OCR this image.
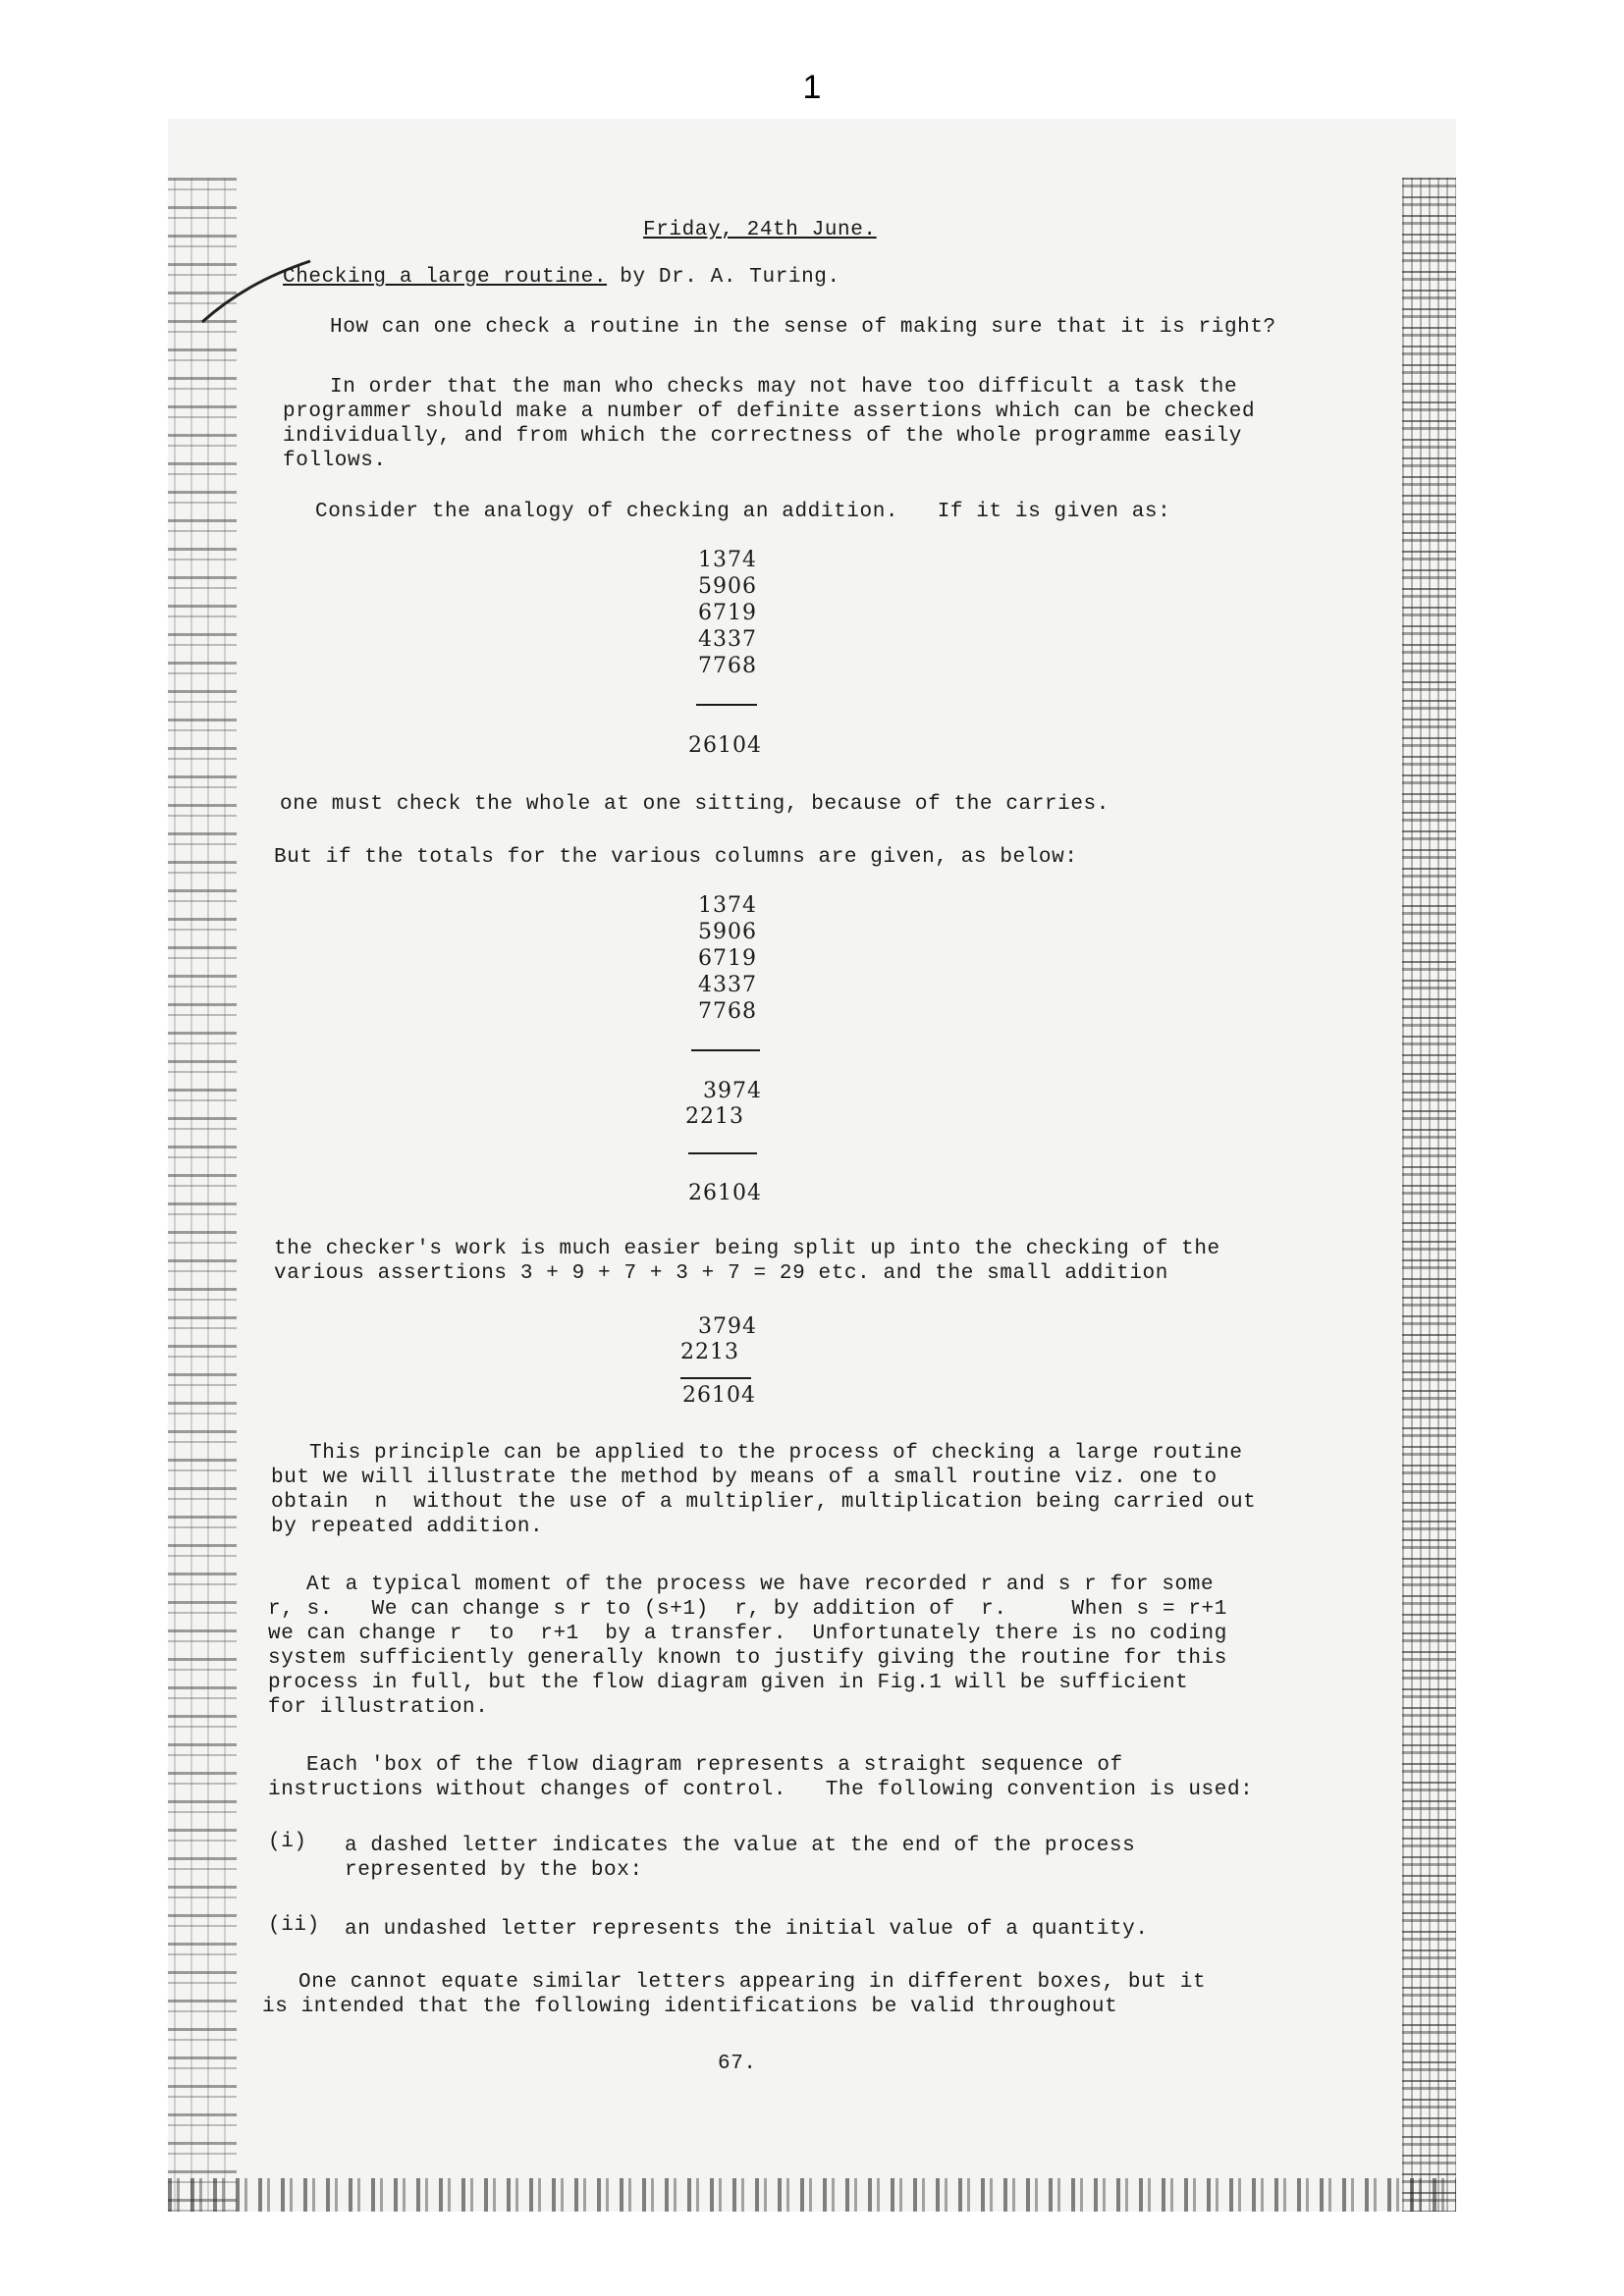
1
Friday, 24th June.
Checking a large routine. by Dr. A. Turing.
How can one check a routine in the sense of making sure that it is right?
In order that the man who checks may not have too difficult a task the
programmer should make a number of definite assertions which can be checked
individually, and from which the correctness of the whole programme easily
follows.
Consider the analogy of checking an addition.   If it is given as:
1374
5906
6719
4337
7768
26104
one must check the whole at one sitting, because of the carries.
But if the totals for the various columns are given, as below:
1374
5906
6719
4337
7768
3974
2213
26104
the checker's work is much easier being split up into the checking of the
various assertions 3 + 9 + 7 + 3 + 7 = 29 etc. and the small addition
3794
2213
26104
This principle can be applied to the process of checking a large routine
but we will illustrate the method by means of a small routine viz. one to
obtain  n  without the use of a multiplier, multiplication being carried out
by repeated addition.
At a typical moment of the process we have recorded r and s r for some
r, s.   We can change s r to (s+1)  r, by addition of  r.     When s = r+1
we can change r  to  r+1  by a transfer.  Unfortunately there is no coding
system sufficiently generally known to justify giving the routine for this
process in full, but the flow diagram given in Fig.1 will be sufficient
for illustration.
Each 'box of the flow diagram represents a straight sequence of
instructions without changes of control.   The following convention is used:
(i) a dashed letter indicates the value at the end of the process
represented by the box:
(ii) an undashed letter represents the initial value of a quantity.
One cannot equate similar letters appearing in different boxes, but it
is intended that the following identifications be valid throughout
67.
